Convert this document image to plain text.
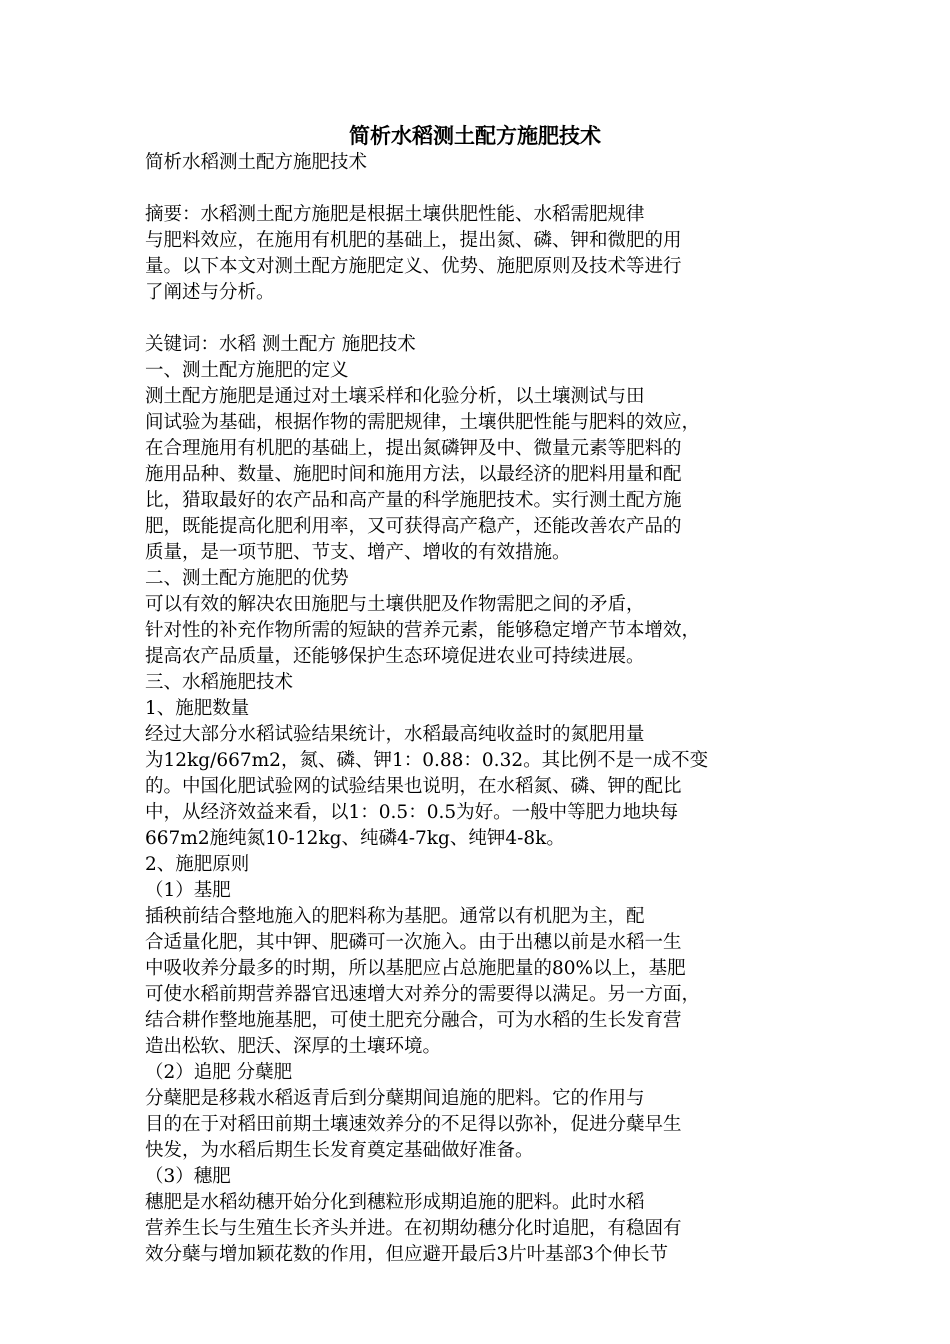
简析水稻测土配方施肥技术

简析水稻测土配方施肥技术

摘要：水稻测土配方施肥是根据土壤供肥性能、水稻需肥规律

与肥料效应，在施用有机肥的基础上，提出氮、磷、钾和微肥的用

量。以下本文对测土配方施肥定义、优势、施肥原则及技术等进行

了阐述与分析。

关键词：水稻 测土配方 施肥技术

一、测土配方施肥的定义

测土配方施肥是通过对土壤采样和化验分析，以土壤测试与田

间试验为基础，根据作物的需肥规律，土壤供肥性能与肥料的效应，

在合理施用有机肥的基础上，提出氮磷钾及中、微量元素等肥料的

施用品种、数量、施肥时间和施用方法，以最经济的肥料用量和配

比，猎取最好的农产品和高产量的科学施肥技术。实行测土配方施

肥，既能提高化肥利用率，又可获得高产稳产，还能改善农产品的

质量，是一项节肥、节支、增产、增收的有效措施。

二、测土配方施肥的优势

可以有效的解决农田施肥与土壤供肥及作物需肥之间的矛盾，

针对性的补充作物所需的短缺的营养元素，能够稳定增产节本增效，

提高农产品质量，还能够保护生态环境促进农业可持续进展。

三、水稻施肥技术

1、施肥数量

经过大部分水稻试验结果统计，水稻最高纯收益时的氮肥用量

为12kg/667m2，氮、磷、钾1：0.88：0.32。其比例不是一成不变

的。中国化肥试验网的试验结果也说明，在水稻氮、磷、钾的配比

中，从经济效益来看，以1：0.5：0.5为好。一般中等肥力地块每

667m2施纯氮10-12kg、纯磷4-7kg、纯钾4-8k。

2、施肥原则

（1）基肥

插秧前结合整地施入的肥料称为基肥。通常以有机肥为主，配

合适量化肥，其中钾、肥磷可一次施入。由于出穗以前是水稻一生

中吸收养分最多的时期，所以基肥应占总施肥量的80%以上，基肥

可使水稻前期营养器官迅速增大对养分的需要得以满足。另一方面，

结合耕作整地施基肥，可使土肥充分融合，可为水稻的生长发育营

造出松软、肥沃、深厚的土壤环境。

（2）追肥 分蘖肥

分蘖肥是移栽水稻返青后到分蘖期间追施的肥料。它的作用与

目的在于对稻田前期土壤速效养分的不足得以弥补，促进分蘖早生

快发，为水稻后期生长发育奠定基础做好准备。

（3）穗肥

穗肥是水稻幼穗开始分化到穗粒形成期追施的肥料。此时水稻

营养生长与生殖生长齐头并进。在初期幼穗分化时追肥，有稳固有

效分蘖与增加颖花数的作用，但应避开最后3片叶基部3个伸长节
